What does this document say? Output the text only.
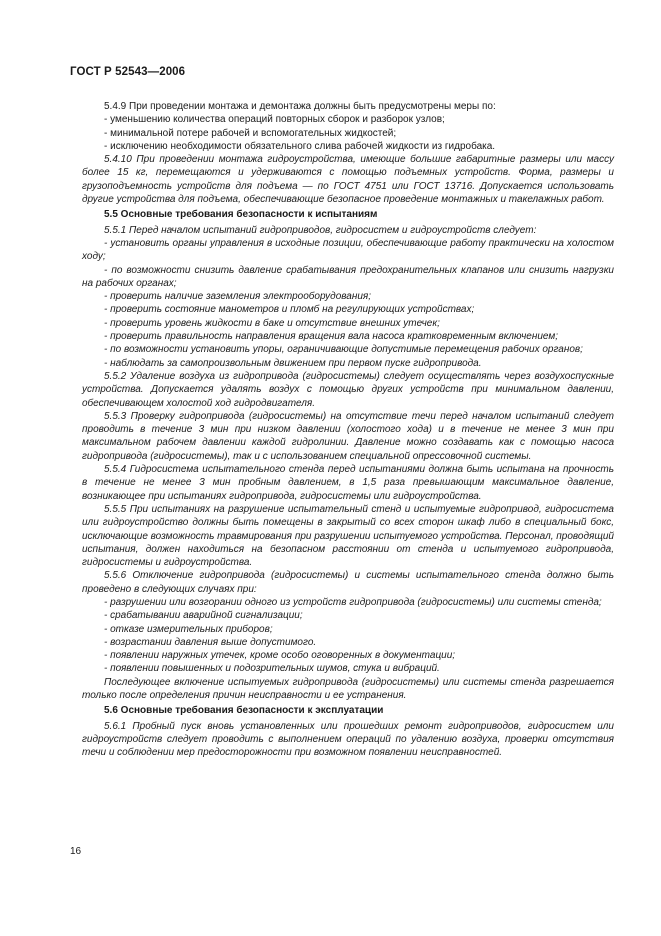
ГОСТ Р 52543—2006

5.4.9 При проведении монтажа и демонтажа должны быть предусмотрены меры по:

- уменьшению количества операций повторных сборок и разборок узлов;

- минимальной потере рабочей и вспомогательных жидкостей;

- исключению необходимости обязательного слива рабочей жидкости из гидробака.

5.4.10 При проведении монтажа гидроустройства, имеющие большие габаритные размеры или массу более 15 кг, перемещаются и удерживаются с помощью подъемных устройств. Форма, размеры и грузоподъемность устройств для подъема — по ГОСТ 4751 или ГОСТ 13716. Допускается использовать другие устройства для подъема, обеспечивающие безопасное проведение монтажных и такелажных работ.

5.5 Основные требования безопасности к испытаниям

5.5.1 Перед началом испытаний гидроприводов, гидросистем и гидроустройств следует:

- установить органы управления в исходные позиции, обеспечивающие работу практически на холостом ходу;

- по возможности снизить давление срабатывания предохранительных клапанов или снизить нагрузки на рабочих органах;

- проверить наличие заземления электрооборудования;

- проверить состояние манометров и пломб на регулирующих устройствах;

- проверить уровень жидкости в баке и отсутствие внешних утечек;

- проверить правильность направления вращения вала насоса кратковременным включением;

- по возможности установить упоры, ограничивающие допустимые перемещения рабочих органов;

- наблюдать за самопроизвольным движением при первом пуске гидропривода.

5.5.2 Удаление воздуха из гидропривода (гидросистемы) следует осуществлять через воздухоспускные устройства. Допускается удалять воздух с помощью других устройств при минимальном давлении, обеспечивающем холостой ход гидродвигателя.

5.5.3 Проверку гидропривода (гидросистемы) на отсутствие течи перед началом испытаний следует проводить в течение 3 мин при низком давлении (холостого хода) и в течение не менее 3 мин при максимальном рабочем давлении каждой гидролинии. Давление можно создавать как с помощью насоса гидропривода (гидросистемы), так и с использованием специальной опрессовочной системы.

5.5.4 Гидросистема испытательного стенда перед испытаниями должна быть испытана на прочность в течение не менее 3 мин пробным давлением, в 1,5 раза превышающим максимальное давление, возникающее при испытаниях гидропривода, гидросистемы или гидроустройства.

5.5.5 При испытаниях на разрушение испытательный стенд и испытуемые гидропривод, гидросистема или гидроустройство должны быть помещены в закрытый со всех сторон шкаф либо в специальный бокс, исключающие возможность травмирования при разрушении испытуемого устройства. Персонал, проводящий испытания, должен находиться на безопасном расстоянии от стенда и испытуемого гидропривода, гидросистемы и гидроустройства.

5.5.6 Отключение гидропривода (гидросистемы) и системы испытательного стенда должно быть проведено в следующих случаях при:

- разрушении или возгорании одного из устройств гидропривода (гидросистемы) или системы стенда;

- срабатывании аварийной сигнализации;

- отказе измерительных приборов;

- возрастании давления выше допустимого.

- появлении наружных утечек, кроме особо оговоренных в документации;

- появлении повышенных и подозрительных шумов, стука и вибраций.

Последующее включение испытуемых гидропривода (гидросистемы) или системы стенда разрешается только после определения причин неисправности и ее устранения.

5.6 Основные требования безопасности к эксплуатации

5.6.1 Пробный пуск вновь установленных или прошедших ремонт гидроприводов, гидросистем или гидроустройств следует проводить с выполнением операций по удалению воздуха, проверки отсутствия течи и соблюдении мер предосторожности при возможном появлении неисправностей.

16
